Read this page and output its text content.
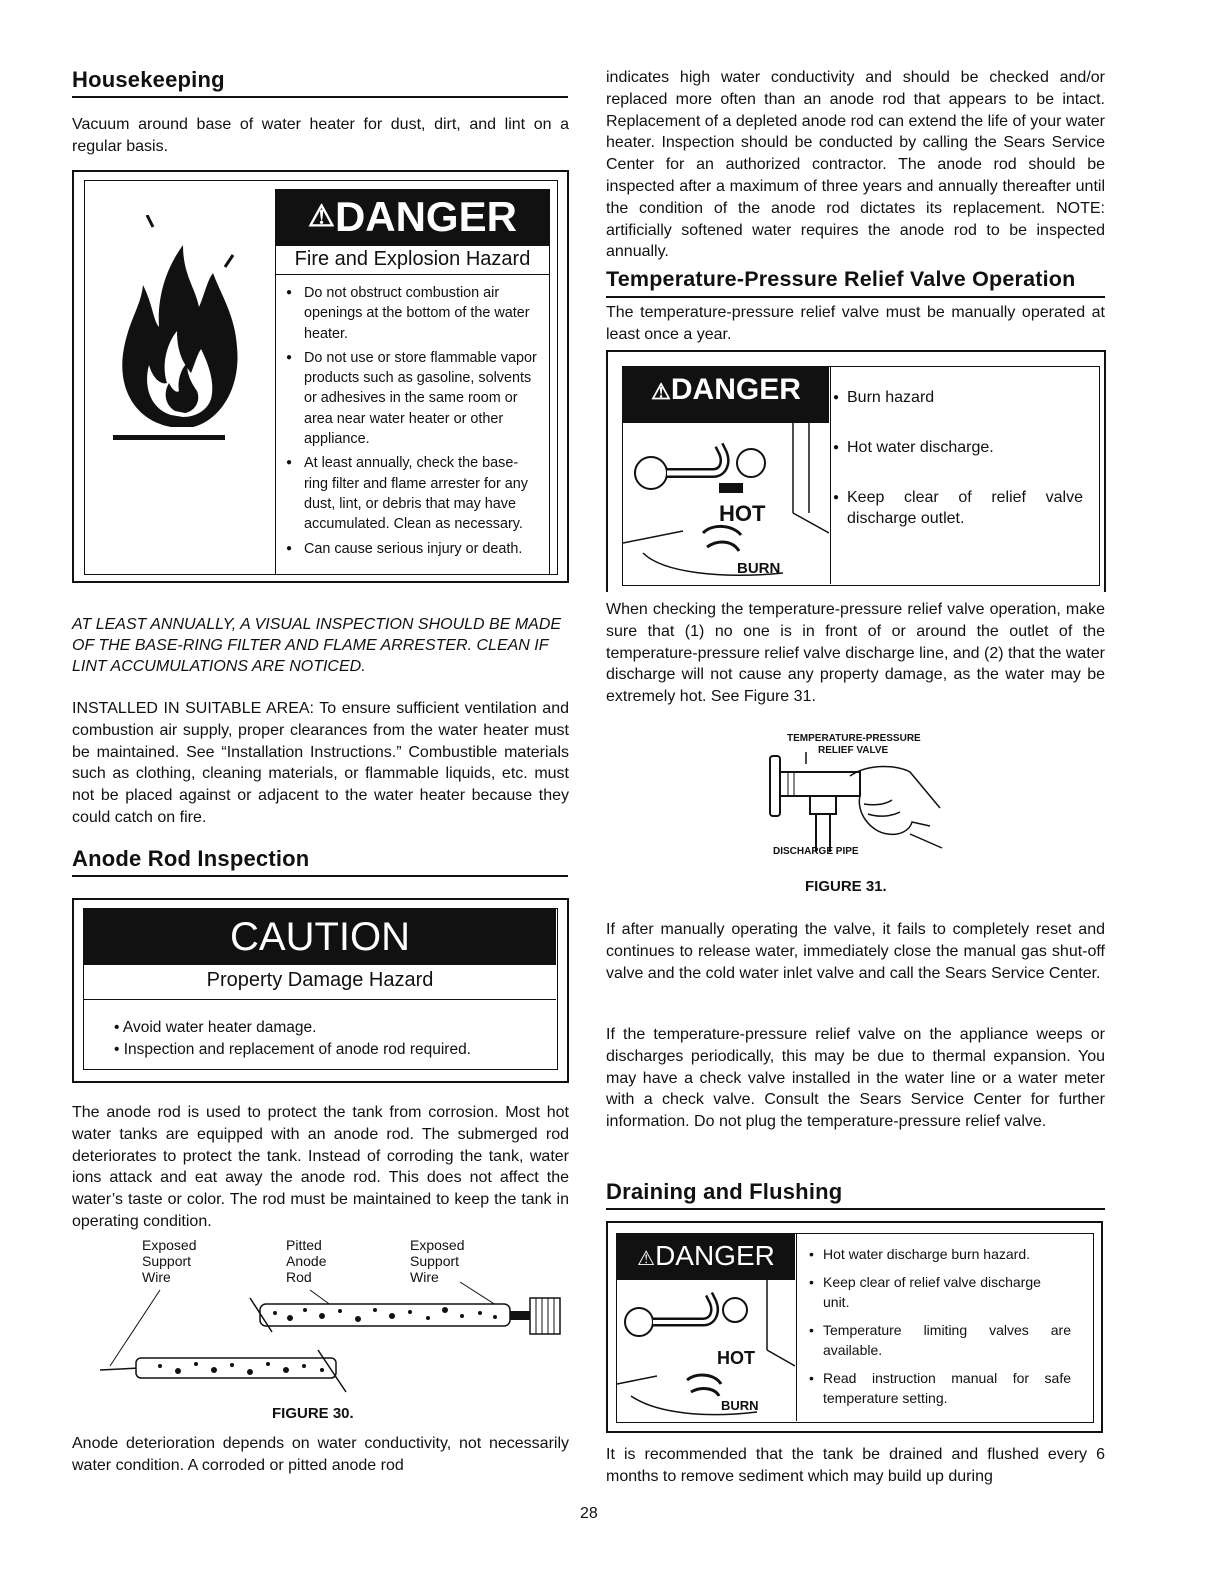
Housekeeping

Vacuum around base of water heater for dust, dirt, and lint on a regular basis.

⚠DANGER
Fire and Explosion Hazard
● Do not obstruct combustion air openings at the bottom of the water heater.
● Do not use or store flammable vapor products such as gasoline, solvents or adhesives in the same room or area near water heater or other appliance.
● At least annually, check the base-ring filter and flame arrester for any dust, lint, or debris that may have accumulated. Clean as necessary.
● Can cause serious injury or death.

AT LEAST ANNUALLY, A VISUAL INSPECTION SHOULD BE MADE OF THE BASE-RING FILTER AND FLAME ARRESTER. CLEAN IF LINT ACCUMULATIONS ARE NOTICED.

INSTALLED IN SUITABLE AREA: To ensure sufficient ventilation and combustion air supply, proper clearances from the water heater must be maintained. See “Installation Instructions.” Combustible materials such as clothing, cleaning materials, or flammable liquids, etc. must not be placed against or adjacent to the water heater because they could catch on fire.

Anode Rod Inspection
CAUTION
Property Damage Hazard
• Avoid water heater damage.
• Inspection and replacement of anode rod required.

The anode rod is used to protect the tank from corrosion. Most hot water tanks are equipped with an anode rod. The submerged rod deteriorates to protect the tank. Instead of corroding the tank, water ions attack and eat away the anode rod. This does not affect the water’s taste or color. The rod must be maintained to keep the tank in operating condition.

Exposed
Support
Wire
Pitted
Anode
Rod
Exposed
Support
Wire
FIGURE 30.

Anode deterioration depends on water conductivity, not necessarily water condition. A corroded or pitted anode rod

indicates high water conductivity and should be checked and/or replaced more often than an anode rod that appears to be intact. Replacement of a depleted anode rod can extend the life of your water heater. Inspection should be conducted by calling the Sears Service Center for an authorized contractor. The anode rod should be inspected after a maximum of three years and annually thereafter until the condition of the anode rod dictates its replacement. NOTE: artificially softened water requires the anode rod to be inspected annually.

Temperature-Pressure Relief Valve Operation

The temperature-pressure relief valve must be manually operated at least once a year.

⚠DANGER
HOT
BURN
● Burn hazard
● Hot water discharge.
● Keep clear of relief valve discharge outlet.

When checking the temperature-pressure relief valve operation, make sure that (1) no one is in front of or around the outlet of the temperature-pressure relief valve discharge line, and (2) that the water discharge will not cause any property damage, as the water may be extremely hot. See Figure 31.

TEMPERATURE-PRESSURE
RELIEF VALVE
DISCHARGE PIPE
FIGURE 31.

If after manually operating the valve, it fails to completely reset and continues to release water, immediately close the manual gas shut-off valve and the cold water inlet valve and call the Sears Service Center.

If the temperature-pressure relief valve on the appliance weeps or discharges periodically, this may be due to thermal expansion. You may have a check valve installed in the water line or a water meter with a check valve. Consult the Sears Service Center for further information. Do not plug the temperature-pressure relief valve.

Draining and Flushing
⚠DANGER
HOT
BURN
• Hot water discharge burn hazard.
• Keep clear of relief valve discharge unit.
• Temperature limiting valves are available.
• Read instruction manual for safe temperature setting.

It is recommended that the tank be drained and flushed every 6 months to remove sediment which may build up during

28
